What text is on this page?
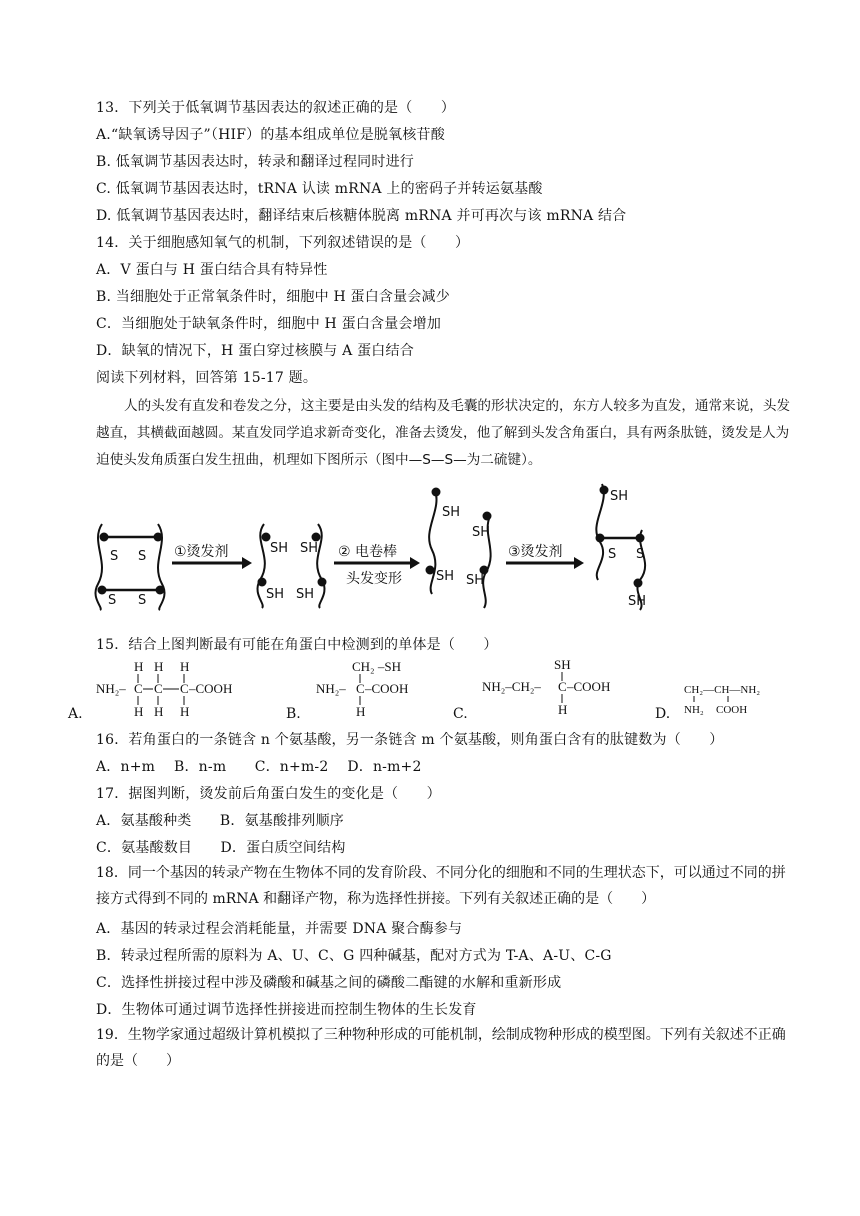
13．下列关于低氧调节基因表达的叙述正确的是（　　）
A.“缺氧诱导因子”（HIF）的基本组成单位是脱氧核苷酸
B. 低氧调节基因表达时，转录和翻译过程同时进行
C. 低氧调节基因表达时，tRNA 认读 mRNA 上的密码子并转运氨基酸
D. 低氧调节基因表达时，翻译结束后核糖体脱离 mRNA 并可再次与该 mRNA 结合
14．关于细胞感知氧气的机制，下列叙述错误的是（　　）
A．V 蛋白与 H 蛋白结合具有特异性
B. 当细胞处于正常氧条件时，细胞中 H 蛋白含量会减少
C．当细胞处于缺氧条件时，细胞中 H 蛋白含量会增加
D．缺氧的情况下，H 蛋白穿过核膜与 A 蛋白结合
阅读下列材料，回答第 15-17 题。
人的头发有直发和卷发之分，这主要是由头发的结构及毛囊的形状决定的，东方人较多为直发，通常来说，头发越直，其横截面越圆。某直发同学追求新奇变化，准备去烫发，他了解到头发含角蛋白，具有两条肽链，烫发是人为迫使头发角质蛋白发生扭曲，机理如下图所示（图中—S—S—为二硫键）。
S S
S S
SH SH
SH SH
SH
SH
SH SH
SH
S S
SH
①烫发剂	② 电卷棒
头发变形
③烫发剂
15．结合上图判断最有可能在角蛋白中检测到的单体是（　　）
A.	B.	C.	D.
H H H
NH₂– C C C –COOH
H H H
CH₂ –SH
NH₂– C –COOH
H
SH
NH₂–CH₂– C –COOH
H
CH₂—CH—NH₂
NH₂ COOH
16．若角蛋白的一条链含 n 个氨基酸，另一条链含 m 个氨基酸，则角蛋白含有的肽键数为（　　）
A．n+m　 B．n-m　　C．n+m-2　 D．n-m+2
17．据图判断，烫发前后角蛋白发生的变化是（　　）
A．氨基酸种类　　B．氨基酸排列顺序
C．氨基酸数目　　D．蛋白质空间结构
18．同一个基因的转录产物在生物体不同的发育阶段、不同分化的细胞和不同的生理状态下，可以通过不同的拼接方式得到不同的 mRNA 和翻译产物，称为选择性拼接。下列有关叙述正确的是（　　）
A．基因的转录过程会消耗能量，并需要 DNA 聚合酶参与
B．转录过程所需的原料为 A、U、C、G 四种碱基，配对方式为 T-A、A-U、C-G
C．选择性拼接过程中涉及磷酸和碱基之间的磷酸二酯键的水解和重新形成
D．生物体可通过调节选择性拼接进而控制生物体的生长发育
19．生物学家通过超级计算机模拟了三种物种形成的可能机制，绘制成物种形成的模型图。下列有关叙述不正确的是（　　）
